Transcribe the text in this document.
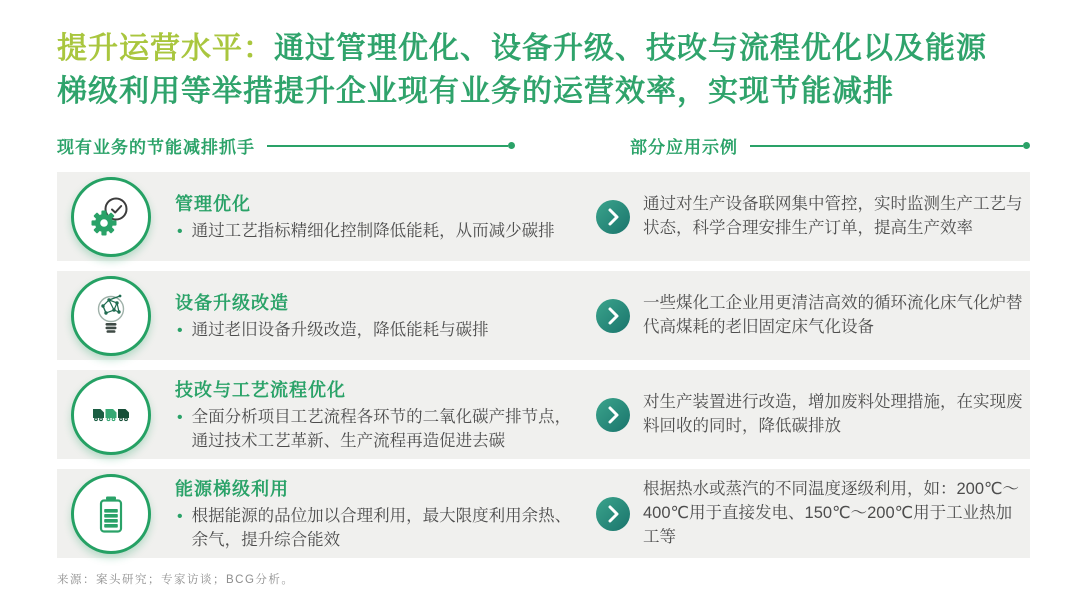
提升运营水平：通过管理优化、设备升级、技改与流程优化以及能源
梯级利用等举措提升企业现有业务的运营效率，实现节能减排
现有业务的节能减排抓手	部分应用示例
管理优化
• 通过工艺指标精细化控制降低能耗，从而减少碳排
通过对生产设备联网集中管控，实时监测生产工艺与状态，科学合理安排生产订单，提高生产效率
设备升级改造
• 通过老旧设备升级改造，降低能耗与碳排
一些煤化工企业用更清洁高效的循环流化床气化炉替代高煤耗的老旧固定床气化设备
技改与工艺流程优化
• 全面分析项目工艺流程各环节的二氧化碳产排节点，通过技术工艺革新、生产流程再造促进去碳
对生产装置进行改造，增加废料处理措施，在实现废料回收的同时，降低碳排放
能源梯级利用
• 根据能源的品位加以合理利用，最大限度利用余热、余气，提升综合能效
根据热水或蒸汽的不同温度逐级利用，如：200℃～400℃用于直接发电、150℃～200℃用于工业热加工等
来源：案头研究；专家访谈；BCG分析。
